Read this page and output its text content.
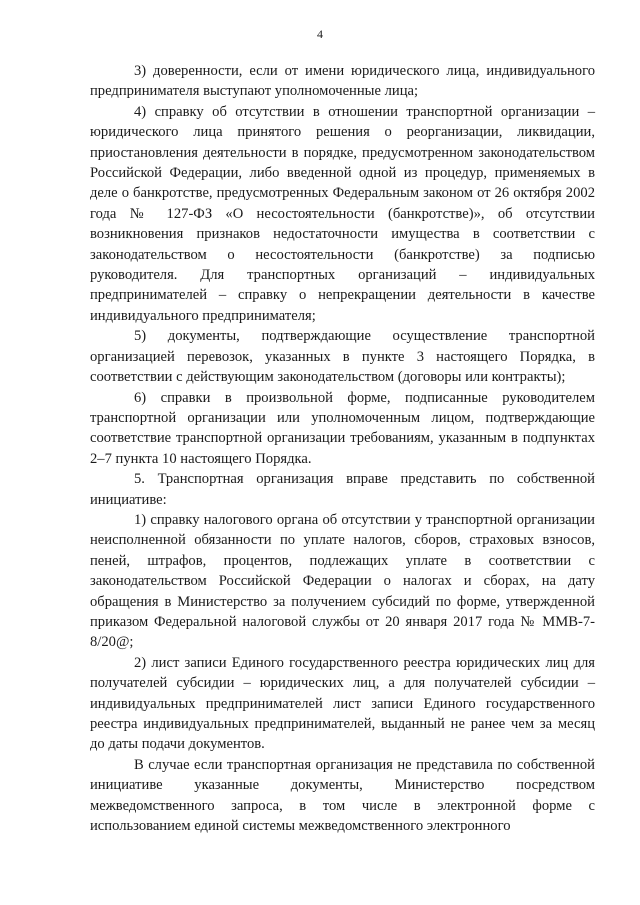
4

3) доверенности, если от имени юридического лица, индивидуального предпринимателя выступают уполномоченные лица;

4) справку об отсутствии в отношении транспортной организации – юридического лица принятого решения о реорганизации, ликвидации, приостановления деятельности в порядке, предусмотренном законодательством Российской Федерации, либо введенной одной из процедур, применяемых в деле о банкротстве, предусмотренных Федеральным законом от 26 октября 2002 года № 127-ФЗ «О несостоятельности (банкротстве)», об отсутствии возникновения признаков недостаточности имущества в соответствии с законодательством о несостоятельности (банкротстве) за подписью руководителя. Для транспортных организаций – индивидуальных предпринимателей – справку о непрекращении деятельности в качестве индивидуального предпринимателя;

5) документы, подтверждающие осуществление транспортной организацией перевозок, указанных в пункте 3 настоящего Порядка, в соответствии с действующим законодательством (договоры или контракты);

6) справки в произвольной форме, подписанные руководителем транспортной организации или уполномоченным лицом, подтверждающие соответствие транспортной организации требованиям, указанным в подпунктах 2–7 пункта 10 настоящего Порядка.

5. Транспортная организация вправе представить по собственной инициативе:

1) справку налогового органа об отсутствии у транспортной организации неисполненной обязанности по уплате налогов, сборов, страховых взносов, пеней, штрафов, процентов, подлежащих уплате в соответствии с законодательством Российской Федерации о налогах и сборах, на дату обращения в Министерство за получением субсидий по форме, утвержденной приказом Федеральной налоговой службы от 20 января 2017 года № ММВ-7-8/20@;

2) лист записи Единого государственного реестра юридических лиц для получателей субсидии – юридических лиц, а для получателей субсидии – индивидуальных предпринимателей лист записи Единого государственного реестра индивидуальных предпринимателей, выданный не ранее чем за месяц до даты подачи документов.

В случае если транспортная организация не представила по собственной инициативе указанные документы, Министерство посредством межведомственного запроса, в том числе в электронной форме с использованием единой системы межведомственного электронного
